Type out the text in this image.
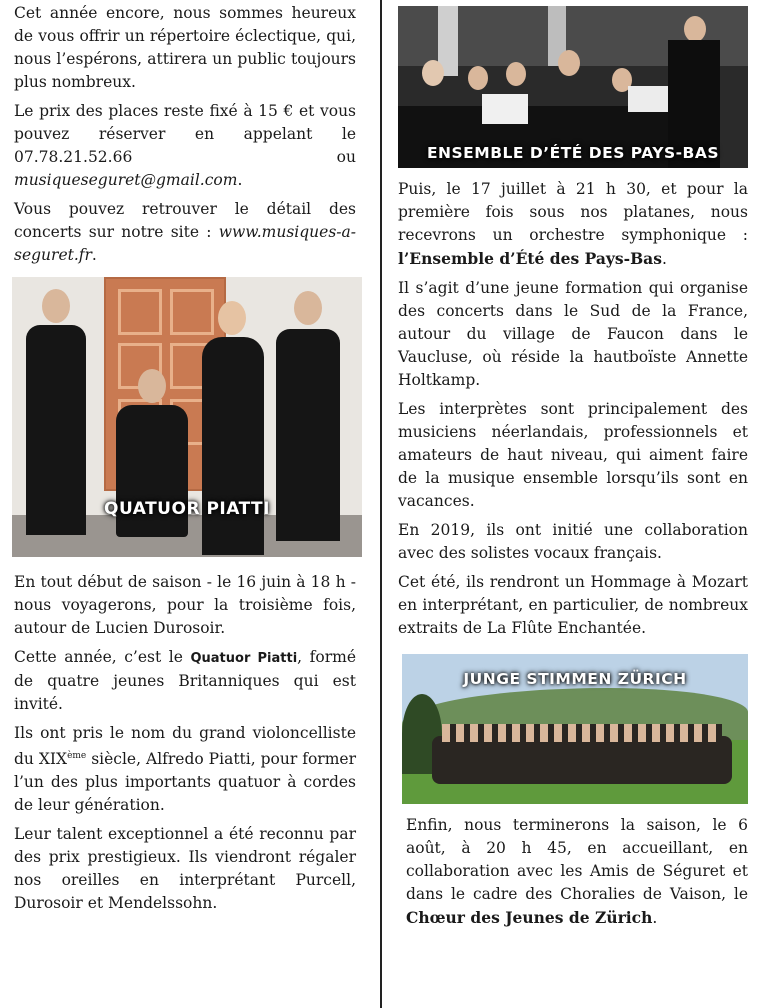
Cet année encore, nous sommes heureux de vous offrir un répertoire éclectique, qui, nous l’espérons, attirera un public toujours plus nombreux.

Le prix des places reste fixé à 15 € et vous pouvez réserver en appelant le 07.78.21.52.66 ou musiqueseguret@gmail.com.

Vous pouvez retrouver le détail des concerts sur notre site : www.musiques-a-seguret.fr.

QUATUOR PIATTI

En tout début de saison - le 16 juin à 18 h - nous voyagerons, pour la troisième fois, autour de Lucien Durosoir.

Cette année, c’est le Quatuor Piatti, formé de quatre jeunes Britanniques qui est invité.

Ils ont pris le nom du grand violoncelliste du XIXème siècle, Alfredo Piatti, pour former l’un des plus importants quatuor à cordes de leur génération.

Leur talent exceptionnel a été reconnu par des prix prestigieux. Ils viendront régaler nos oreilles en interprétant Purcell, Durosoir et Mendelssohn.

ENSEMBLE D’ÉTÉ DES PAYS-BAS

Puis, le 17 juillet à 21 h 30, et pour la première fois sous nos platanes, nous recevrons un orchestre symphonique : l’Ensemble d’Été des Pays-Bas.

Il s’agit d’une jeune formation qui organise des concerts dans le Sud de la France, autour du village de Faucon dans le Vaucluse, où réside la hautboïste Annette Holtkamp.

Les interprètes sont principalement des musiciens néerlandais, professionnels et amateurs de haut niveau, qui aiment faire de la musique ensemble lorsqu’ils sont en vacances.

En 2019, ils ont initié une collaboration avec des solistes vocaux français.

Cet été, ils rendront un Hommage à Mozart en interprétant, en particulier, de nombreux extraits de La Flûte Enchantée.

JUNGE STIMMEN ZÜRICH

Enfin, nous terminerons la saison, le 6 août, à 20 h 45, en accueillant, en collaboration avec les Amis de Séguret et dans le cadre des Choralies de Vaison, le Chœur des Jeunes de Zürich.
